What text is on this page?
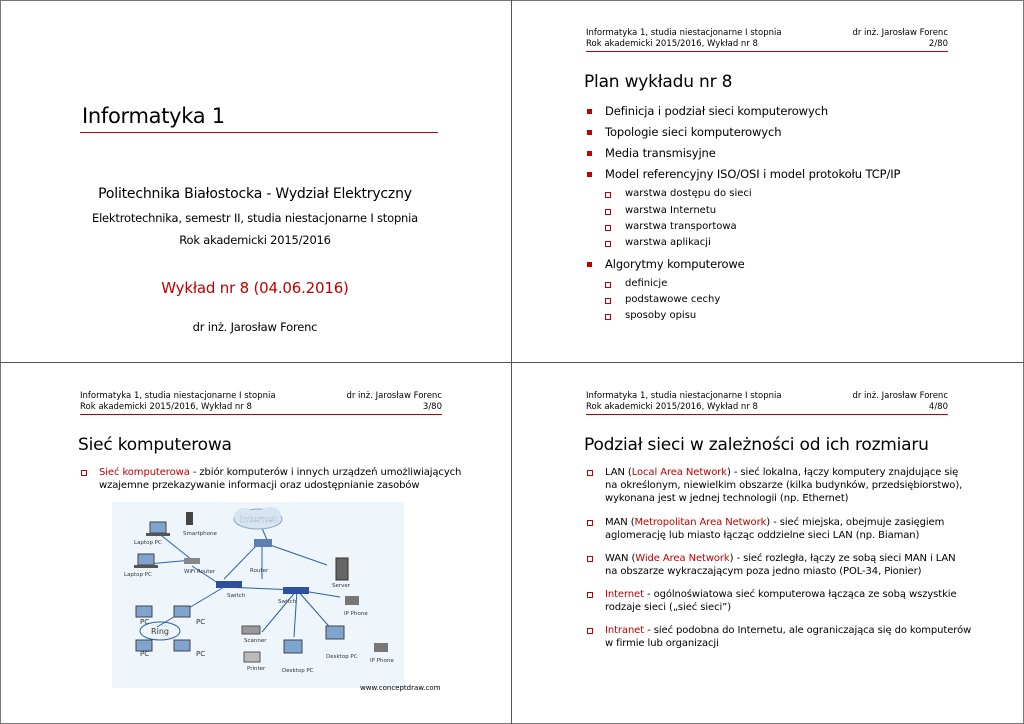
Informatyka 1
Politechnika Białostocka - Wydział Elektryczny
Elektrotechnika, semestr II, studia niestacjonarne I stopnia
Rok akademicki 2015/2016
Wykład nr 8 (04.06.2016)
dr inż. Jarosław Forenc
Informatyka 1, studia niestacjonarne I stopnia	dr inż. Jarosław Forenc
Rok akademicki 2015/2016, Wykład nr 8	2/80
Plan wykładu nr 8
Definicja i podział sieci komputerowych
Topologie sieci komputerowych
Media transmisyjne
Model referencyjny ISO/OSI i model protokołu TCP/IP
warstwa dostępu do sieci
warstwa Internetu
warstwa transportowa
warstwa aplikacji
Algorytmy komputerowe
definicje
podstawowe cechy
sposoby opisu
Informatyka 1, studia niestacjonarne I stopnia	dr inż. Jarosław Forenc
Rok akademicki 2015/2016, Wykład nr 8	3/80
Sieć komputerowa
Sieć komputerowa - zbiór komputerów i innych urządzeń umożliwiających
wzajemne przekazywanie informacji oraz udostępnianie zasobów
Internet
Smartphone
Laptop PC
Laptop PC	WiFi Router	Router
Server
Switch
Switch
IP Phone
PC	PC
PC	PC
Scanner
Printer	Desktop PC
Desktop PC
IP Phone
Ring
www.conceptdraw.com
Informatyka 1, studia niestacjonarne I stopnia	dr inż. Jarosław Forenc
Rok akademicki 2015/2016, Wykład nr 8	4/80
Podział sieci w zależności od ich rozmiaru
LAN (Local Area Network) - sieć lokalna, łączy komputery znajdujące się
na określonym, niewielkim obszarze (kilka budynków, przedsiębiorstwo),
wykonana jest w jednej technologii (np. Ethernet)
MAN (Metropolitan Area Network) - sieć miejska, obejmuje zasięgiem
aglomerację lub miasto łącząc oddzielne sieci LAN (np. Biaman)
WAN (Wide Area Network) - sieć rozległa, łączy ze sobą sieci MAN i LAN
na obszarze wykraczającym poza jedno miasto (POL-34, Pionier)
Internet - ogólnoświatowa sieć komputerowa łącząca ze sobą wszystkie
rodzaje sieci („sieć sieci”)
Intranet - sieć podobna do Internetu, ale ograniczająca się do komputerów
w firmie lub organizacji
